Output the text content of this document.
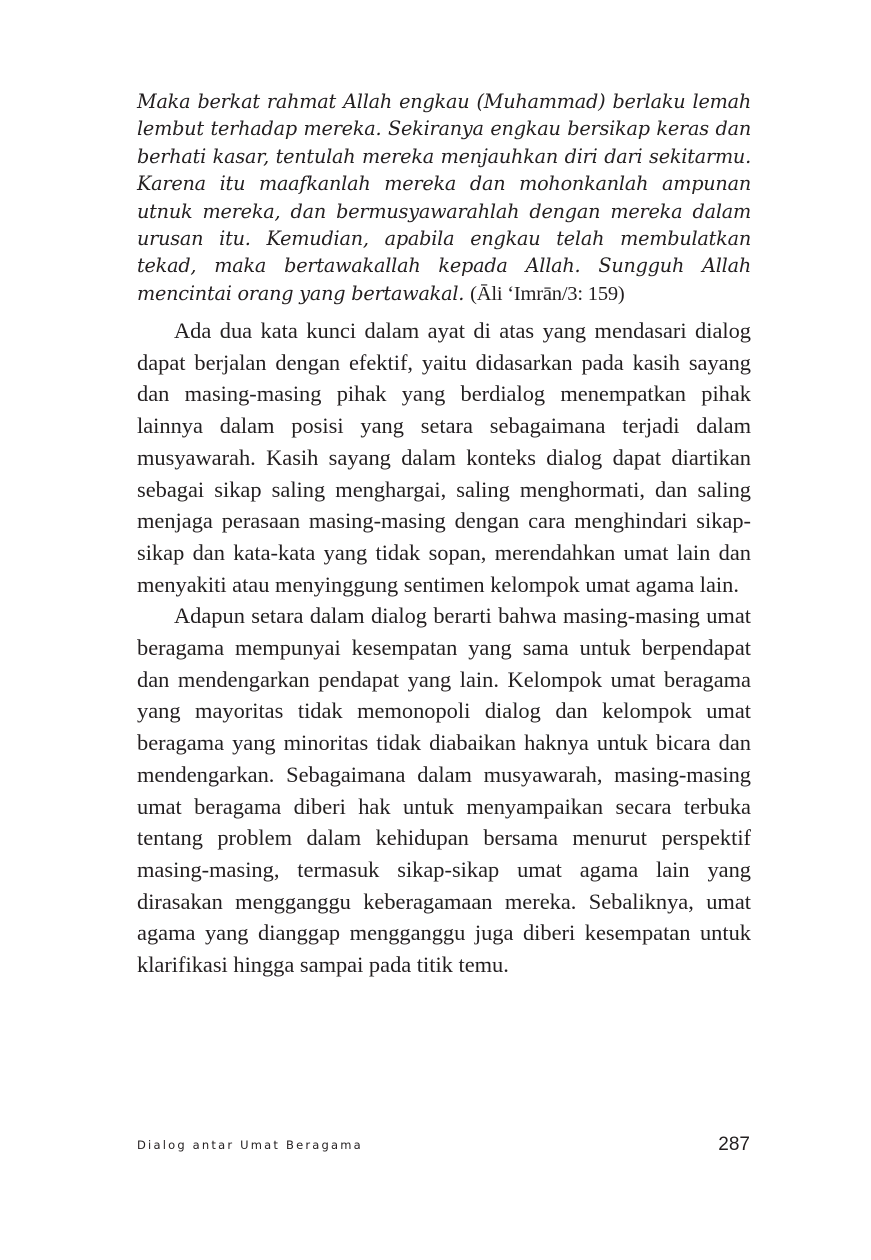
Maka berkat rahmat Allah engkau (Muhammad) berlaku lemah lembut terhadap mereka. Sekiranya engkau bersikap keras dan berhati kasar, tentulah mereka menjauhkan diri dari sekitarmu. Karena itu maafkanlah mereka dan mohonkanlah ampunan utnuk mereka, dan bermusyawarahlah dengan mereka dalam urusan itu. Kemudian, apabila engkau telah membulatkan tekad, maka bertawakallah kepada Allah. Sungguh Allah mencintai orang yang bertawakal. (Āli ‘Imrān/3: 159)

Ada dua kata kunci dalam ayat di atas yang mendasari dialog dapat berjalan dengan efektif, yaitu didasarkan pada kasih sayang dan masing-masing pihak yang berdialog menempatkan pihak lainnya dalam posisi yang setara sebagaimana terjadi dalam musyawarah. Kasih sayang dalam konteks dialog dapat diartikan sebagai sikap saling menghargai, saling menghormati, dan saling menjaga perasaan masing-masing dengan cara menghindari sikap-sikap dan kata-kata yang tidak sopan, merendahkan umat lain dan menyakiti atau menyinggung sentimen kelompok umat agama lain.

Adapun setara dalam dialog berarti bahwa masing-masing umat beragama mempunyai kesempatan yang sama untuk berpendapat dan mendengarkan pendapat yang lain. Kelompok umat beragama yang mayoritas tidak memonopoli dialog dan kelompok umat beragama yang minoritas tidak diabaikan haknya untuk bicara dan mendengarkan. Sebagaimana dalam musyawarah, masing-masing umat beragama diberi hak untuk menyampaikan secara terbuka tentang problem dalam kehidupan bersama menurut perspektif masing-masing, termasuk sikap-sikap umat agama lain yang dirasakan mengganggu keberagamaan mereka. Sebaliknya, umat agama yang dianggap mengganggu juga diberi kesempatan untuk klarifikasi hingga sampai pada titik temu.

Dialog antar Umat Beragama	287
